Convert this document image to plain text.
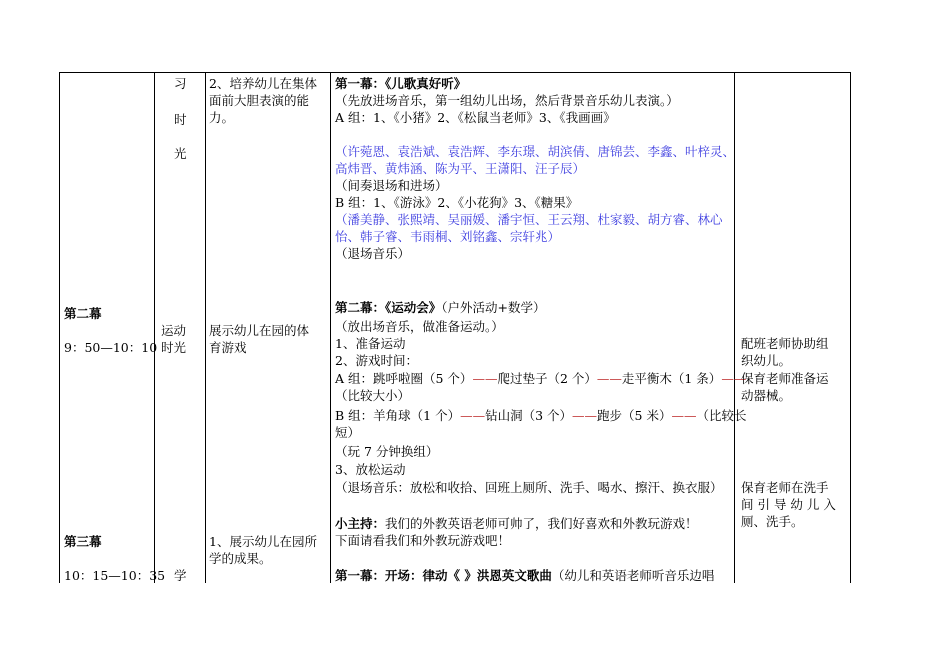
第二幕
9：50—10：10
第三幕
10：15—10：35
习
时
光
运动
时光
学
2、培养幼儿在集体
面前大胆表演的能
力。
展示幼儿在园的体
育游戏
1、展示幼儿在园所
学的成果。
第一幕：《儿歌真好听》
（先放进场音乐，第一组幼儿出场，然后背景音乐幼儿表演。）
A 组：1、《小猪》2、《松鼠当老师》3、《我画画》
（许菀恩、袁浩斌、袁浩辉、李东璟、胡滨倩、唐锦芸、李鑫、叶梓灵、
高炜晋、黄炜涵、陈为平、王潇阳、汪子辰）
（间奏退场和进场）
B 组：1、《游泳》2、《小花狗》3、《糖果》
（潘美静、张熙靖、吴丽媛、潘宇恒、王云翔、杜家毅、胡方睿、林心
怡、韩子睿、韦雨桐、刘铭鑫、宗轩兆）
（退场音乐）
第二幕：《运动会》（户外活动+数学）
（放出场音乐，做准备运动。）
1、准备运动
2、游戏时间：
A 组：跳呼啦圈（5 个）——爬过垫子（2 个）——走平衡木（1 条）——
（比较大小）
B 组：羊角球（1 个）——钻山洞（3 个）——跑步（5 米）——（比较长
短）
（玩 7 分钟换组）
3、放松运动
（退场音乐：放松和收拾、回班上厕所、洗手、喝水、擦汗、换衣服）
小主持：我们的外教英语老师可帅了，我们好喜欢和外教玩游戏！
下面请看我们和外教玩游戏吧！
第一幕：开场：律动《 》洪恩英文歌曲（幼儿和英语老师听音乐边唱
配班老师协助组
织幼儿。
保育老师准备运
动器械。
保育老师在洗手
间 引 导 幼 儿 入
厕、洗手。
